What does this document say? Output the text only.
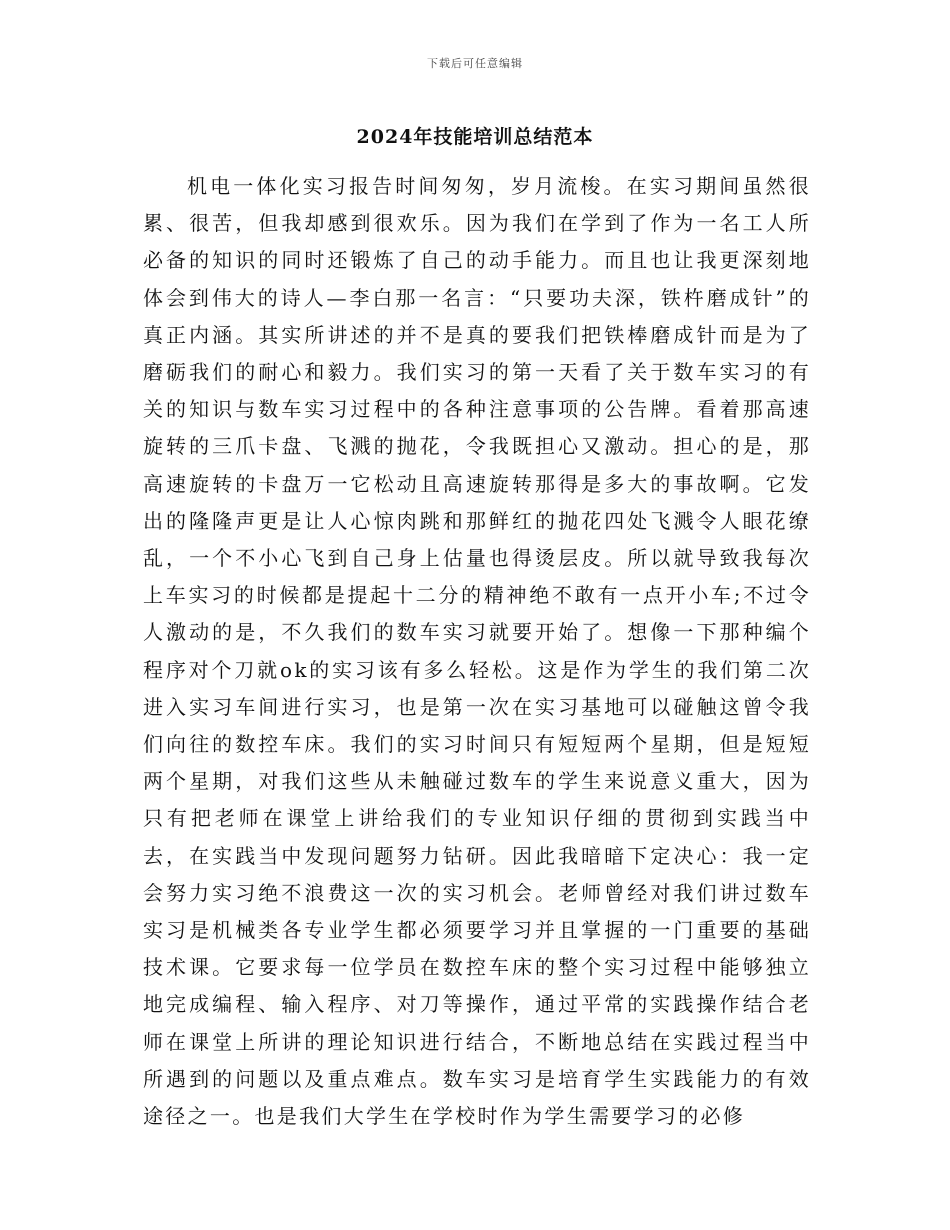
下载后可任意编辑
2024年技能培训总结范本

机电一体化实习报告时间匆匆，岁月流梭。在实习期间虽然很累、很苦，但我却感到很欢乐。因为我们在学到了作为一名工人所必备的知识的同时还锻炼了自己的动手能力。而且也让我更深刻地体会到伟大的诗人—李白那一名言：“只要功夫深，铁杵磨成针”的真正内涵。其实所讲述的并不是真的要我们把铁棒磨成针而是为了磨砺我们的耐心和毅力。我们实习的第一天看了关于数车实习的有关的知识与数车实习过程中的各种注意事项的公告牌。看着那高速旋转的三爪卡盘、飞溅的抛花，令我既担心又激动。担心的是，那高速旋转的卡盘万一它松动且高速旋转那得是多大的事故啊。它发出的隆隆声更是让人心惊肉跳和那鲜红的抛花四处飞溅令人眼花缭乱，一个不小心飞到自己身上估量也得烫层皮。所以就导致我每次上车实习的时候都是提起十二分的精神绝不敢有一点开小车;不过令人激动的是，不久我们的数车实习就要开始了。想像一下那种编个程序对个刀就ok的实习该有多么轻松。这是作为学生的我们第二次进入实习车间进行实习，也是第一次在实习基地可以碰触这曾令我们向往的数控车床。我们的实习时间只有短短两个星期，但是短短两个星期，对我们这些从未触碰过数车的学生来说意义重大，因为只有把老师在课堂上讲给我们的专业知识仔细的贯彻到实践当中去，在实践当中发现问题努力钻研。因此我暗暗下定决心：我一定会努力实习绝不浪费这一次的实习机会。老师曾经对我们讲过数车实习是机械类各专业学生都必须要学习并且掌握的一门重要的基础技术课。它要求每一位学员在数控车床的整个实习过程中能够独立地完成编程、输入程序、对刀等操作，通过平常的实践操作结合老师在课堂上所讲的理论知识进行结合，不断地总结在实践过程当中所遇到的问题以及重点难点。数车实习是培育学生实践能力的有效途径之一。也是我们大学生在学校时作为学生需要学习的必修
